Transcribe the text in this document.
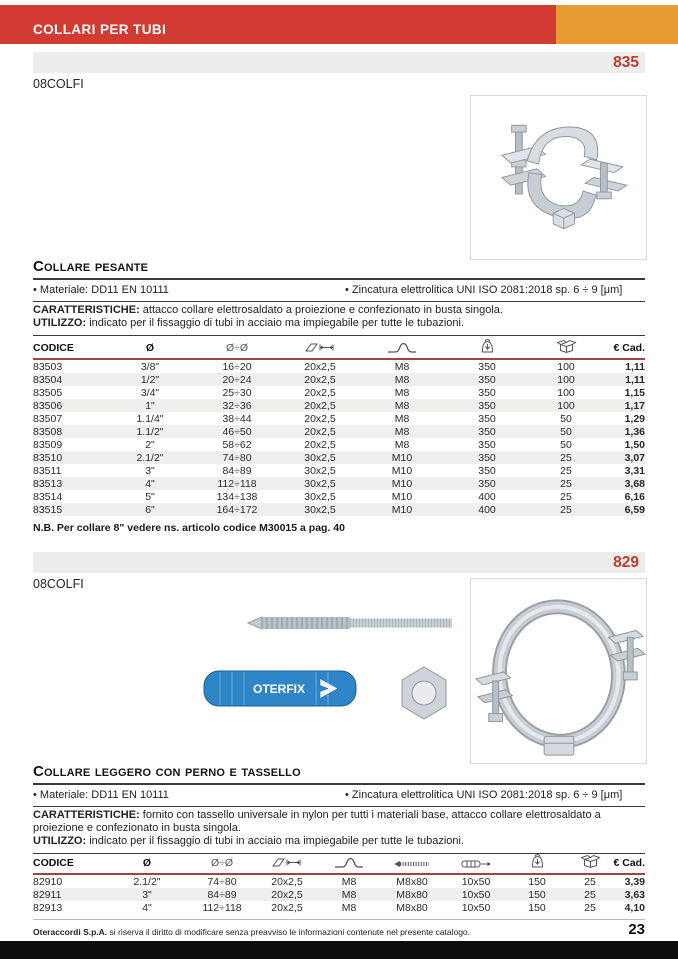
COLLARI PER TUBI
835
08COLFI
Collare pesante
• Materiale: DD11 EN 10111	• Zincatura elettrolitica UNI ISO 2081:2018 sp. 6 ÷ 9 [μm]

CARATTERISTICHE: attacco collare elettrosaldato a proiezione e confezionato in busta singola.

UTILIZZO: indicato per il fissaggio di tubi in acciaio ma impiegabile per tutte le tubazioni.

CODICE	Ø	Ø÷Ø					€ Cad.
83503	3/8"	16÷20	20x2,5	M8	350	100	1,11
83504	1/2"	20÷24	20x2,5	M8	350	100	1,11
83505	3/4"	25÷30	20x2,5	M8	350	100	1,15
83506	1"	32÷36	20x2,5	M8	350	100	1,17
83507	1.1/4"	38÷44	20x2,5	M8	350	50	1,29
83508	1.1/2"	46÷50	20x2,5	M8	350	50	1,36
83509	2"	58÷62	20x2,5	M8	350	50	1,50
83510	2.1/2"	74÷80	30x2,5	M10	350	25	3,07
83511	3"	84÷89	30x2,5	M10	350	25	3,31
83513	4"	112÷118	30x2,5	M10	350	25	3,68
83514	5"	134÷138	30x2,5	M10	400	25	6,16
83515	6"	164÷172	30x2,5	M10	400	25	6,59

N.B. Per collare 8" vedere ns. articolo codice M30015 a pag. 40

829
08COLFI
OTERFIX
Collare leggero con perno e tassello
• Materiale: DD11 EN 10111	• Zincatura elettrolitica UNI ISO 2081:2018 sp. 6 ÷ 9 [μm]

CARATTERISTICHE: fornito con tassello universale in nylon per tutti i materiali base, attacco collare elettrosaldato a proiezione e confezionato in busta singola.

UTILIZZO: indicato per il fissaggio di tubi in acciaio ma impiegabile per tutte le tubazioni.

CODICE	Ø	Ø÷Ø							€ Cad.
82910	2.1/2"	74÷80	20x2,5	M8	M8x80	10x50	150	25	3,39
82911	3"	84÷89	20x2,5	M8	M8x80	10x50	150	25	3,63
82913	4"	112÷118	20x2,5	M8	M8x80	10x50	150	25	4,10
Oteraccordi S.p.A. si riserva il diritto di modificare senza preavviso le informazioni contenute nel presente catalogo.	23
